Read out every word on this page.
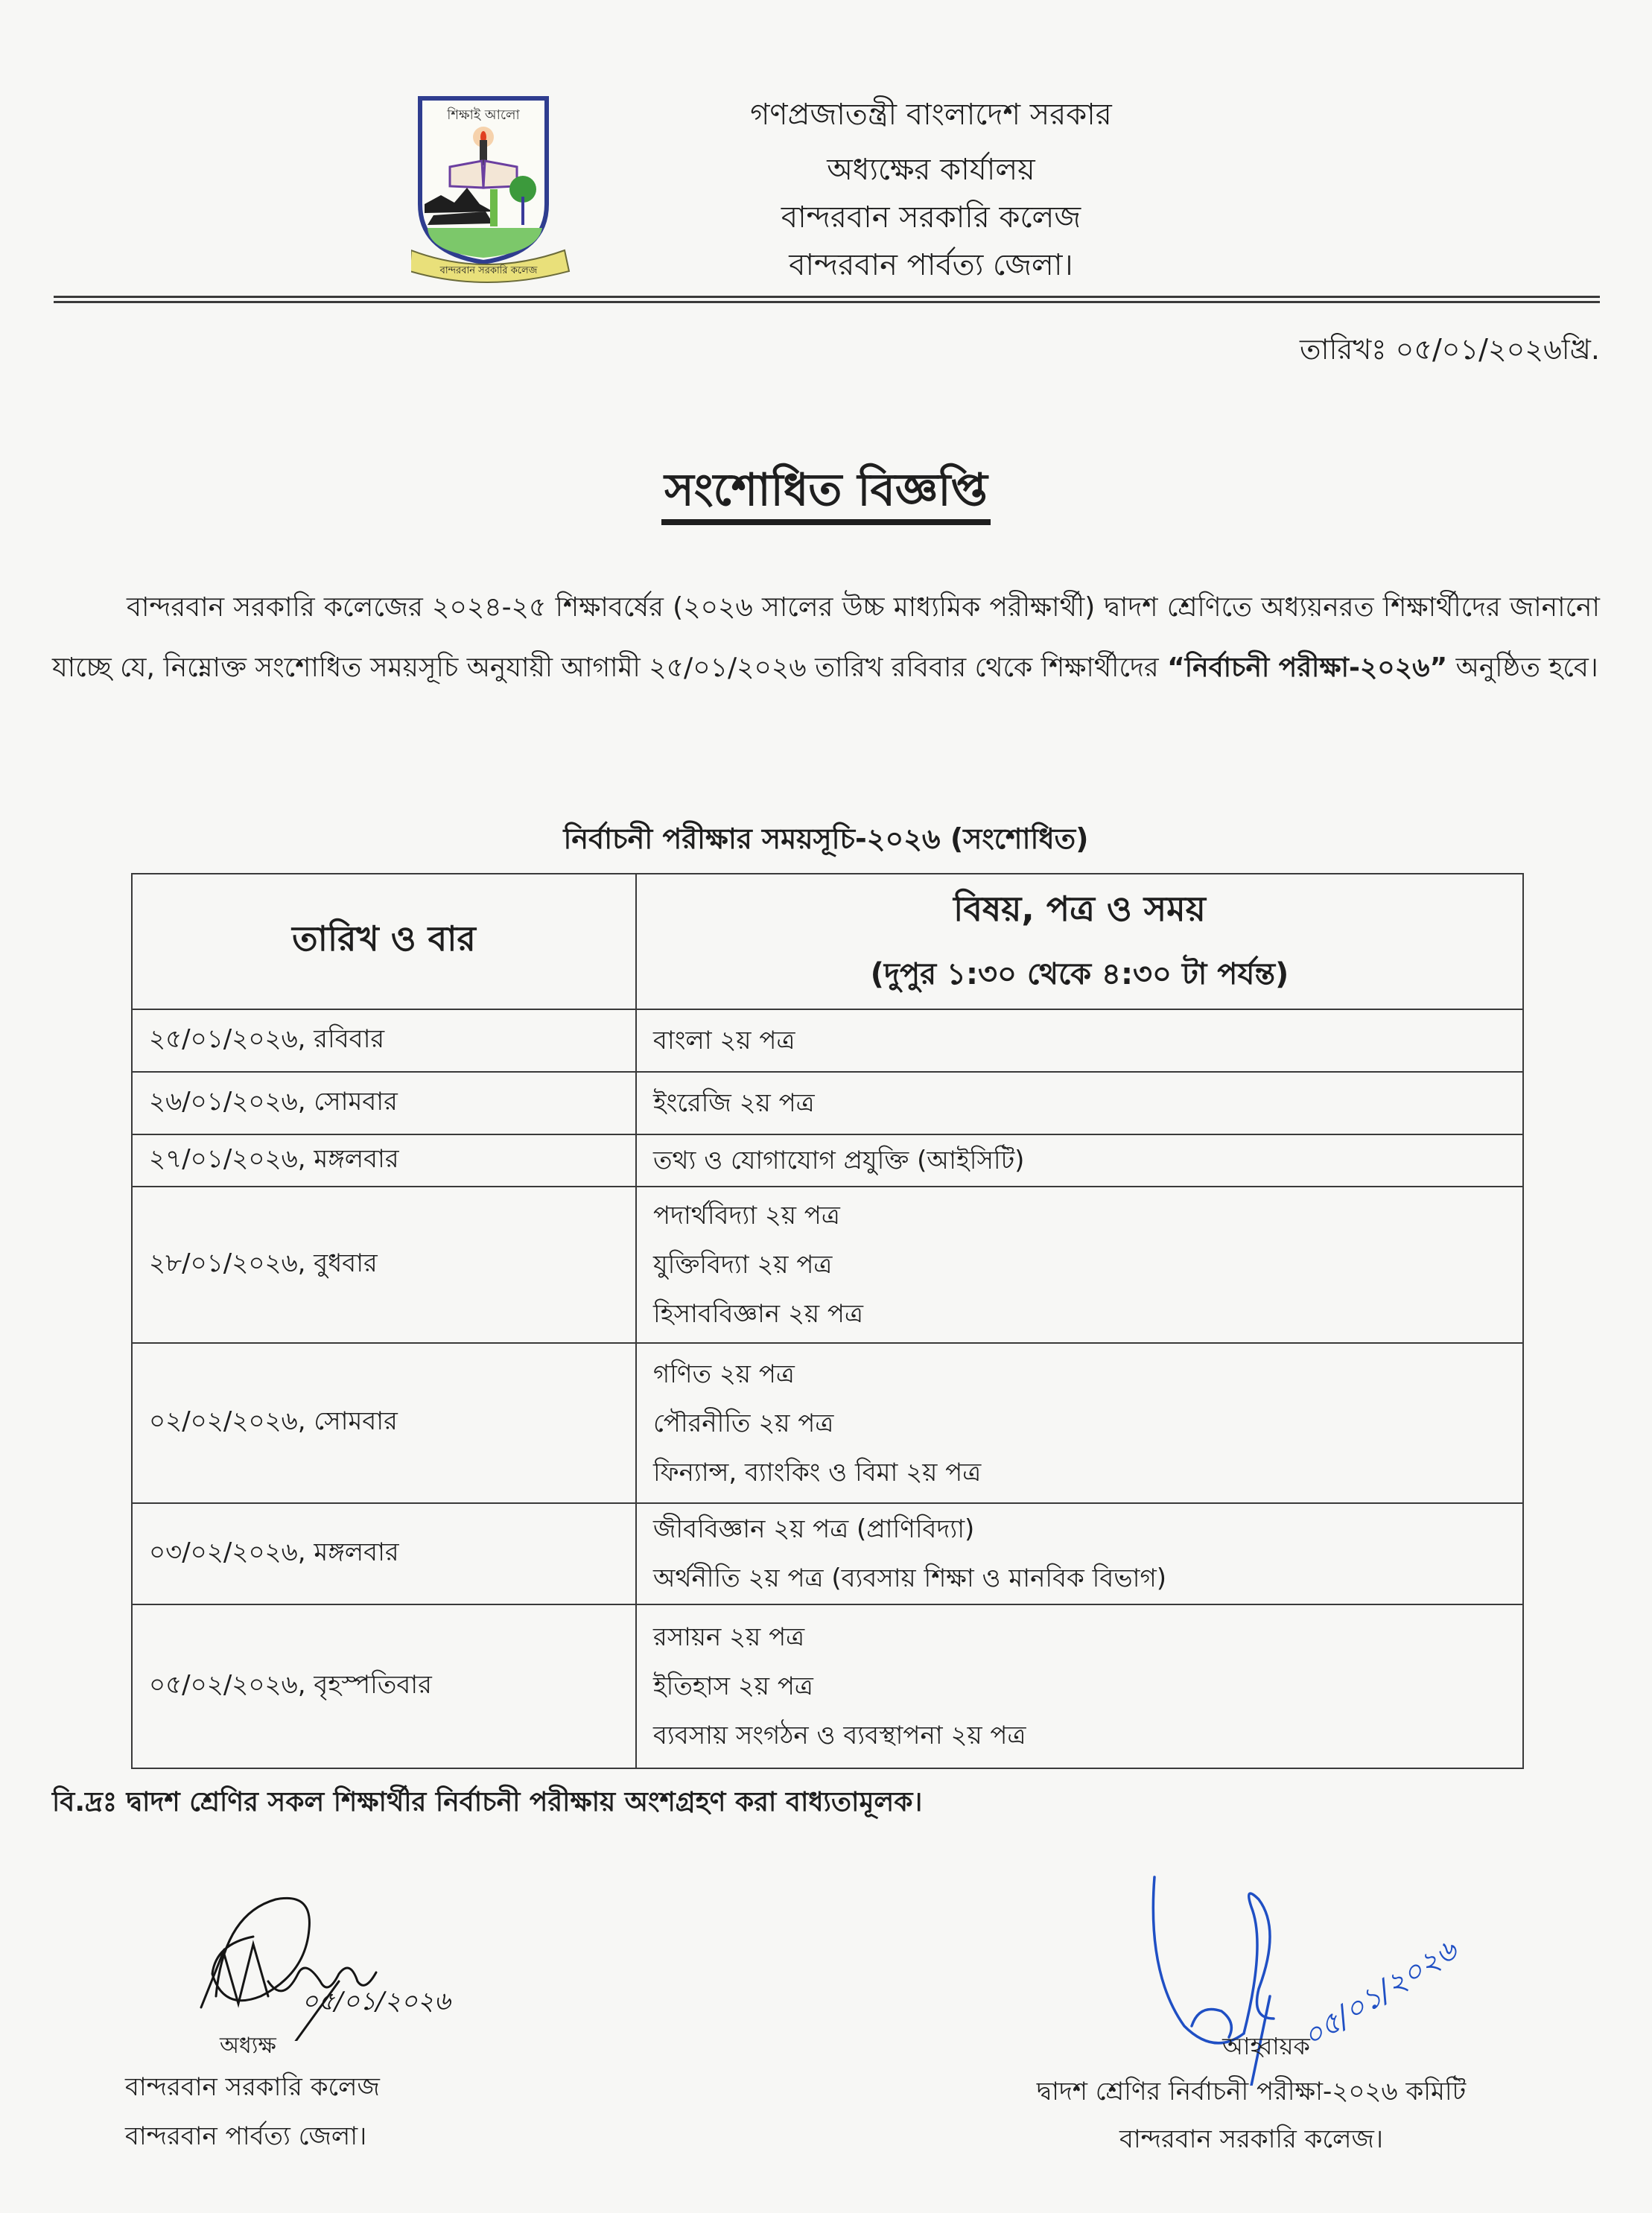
শিক্ষাই আলো
বান্দরবান সরকারি কলেজ
গণপ্রজাতন্ত্রী বাংলাদেশ সরকার
অধ্যক্ষের কার্যালয়
বান্দরবান সরকারি কলেজ
বান্দরবান পার্বত্য জেলা।
তারিখঃ ০৫/০১/২০২৬খ্রি.
সংশোধিত বিজ্ঞপ্তি
বান্দরবান সরকারি কলেজের ২০২৪-২৫ শিক্ষাবর্ষের (২০২৬ সালের উচ্চ মাধ্যমিক পরীক্ষার্থী) দ্বাদশ শ্রেণিতে অধ্যয়নরত শিক্ষার্থীদের জানানো যাচ্ছে যে, নিম্নোক্ত সংশোধিত সময়সূচি অনুযায়ী আগামী ২৫/০১/২০২৬ তারিখ রবিবার থেকে শিক্ষার্থীদের “নির্বাচনী পরীক্ষা-২০২৬” অনুষ্ঠিত হবে।
নির্বাচনী পরীক্ষার সময়সূচি-২০২৬ (সংশোধিত)
তারিখ ও বার	বিষয়, পত্র ও সময়
(দুপুর ১:৩০ থেকে ৪:৩০ টা পর্যন্ত)

২৫/০১/২০২৬, রবিবার	বাংলা ২য় পত্র

২৬/০১/২০২৬, সোমবার	ইংরেজি ২য় পত্র

২৭/০১/২০২৬, মঙ্গলবার	তথ্য ও যোগাযোগ প্রযুক্তি (আইসিটি)

২৮/০১/২০২৬, বুধবার	পদার্থবিদ্যা ২য় পত্র
যুক্তিবিদ্যা ২য় পত্র
হিসাববিজ্ঞান ২য় পত্র

০২/০২/২০২৬, সোমবার	গণিত ২য় পত্র
পৌরনীতি ২য় পত্র
ফিন্যান্স, ব্যাংকিং ও বিমা ২য় পত্র

০৩/০২/২০২৬, মঙ্গলবার	জীববিজ্ঞান ২য় পত্র (প্রাণিবিদ্যা)
অর্থনীতি ২য় পত্র (ব্যবসায় শিক্ষা ও মানবিক বিভাগ)

০৫/০২/২০২৬, বৃহস্পতিবার	রসায়ন ২য় পত্র
ইতিহাস ২য় পত্র
ব্যবসায় সংগঠন ও ব্যবস্থাপনা ২য় পত্র
বি.দ্রঃ দ্বাদশ শ্রেণির সকল শিক্ষার্থীর নির্বাচনী পরীক্ষায় অংশগ্রহণ করা বাধ্যতামূলক।
০৫/০১/২০২৬
অধ্যক্ষ
বান্দরবান সরকারি কলেজ
বান্দরবান পার্বত্য জেলা।
০৫/০১/২০২৬
আহ্বায়ক
দ্বাদশ শ্রেণির নির্বাচনী পরীক্ষা-২০২৬ কমিটি
বান্দরবান সরকারি কলেজ।
